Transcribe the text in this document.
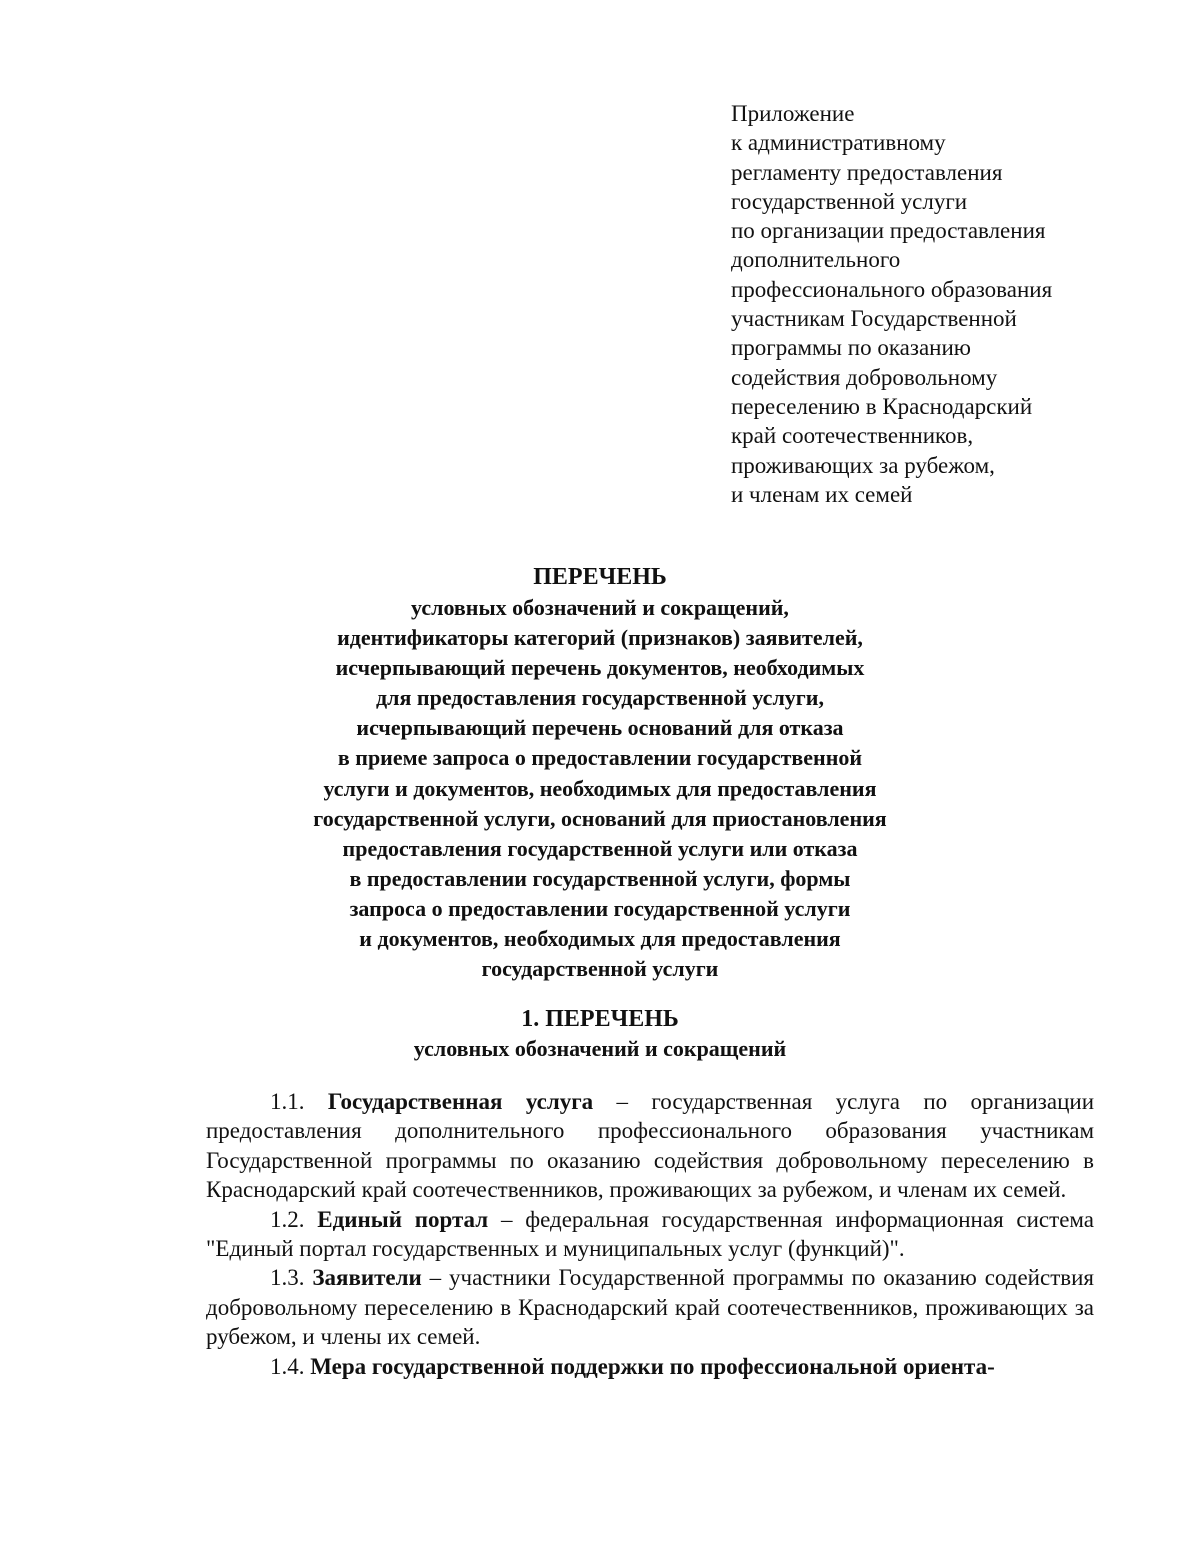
Приложение
к административному
регламенту предоставления
государственной услуги
по организации предоставления
дополнительного
профессионального образования
участникам Государственной
программы по оказанию
содействия добровольному
переселению в Краснодарский
край соотечественников,
проживающих за рубежом,
и членам их семей
ПЕРЕЧЕНЬ
условных обозначений и сокращений,
идентификаторы категорий (признаков) заявителей,
исчерпывающий перечень документов, необходимых
для предоставления государственной услуги,
исчерпывающий перечень оснований для отказа
в приеме запроса о предоставлении государственной
услуги и документов, необходимых для предоставления
государственной услуги, оснований для приостановления
предоставления государственной услуги или отказа
в предоставлении государственной услуги, формы
запроса о предоставлении государственной услуги
и документов, необходимых для предоставления
государственной услуги
1. ПЕРЕЧЕНЬ
условных обозначений и сокращений

1.1. Государственная услуга – государственная услуга по организации предоставления дополнительного профессионального образования участникам Государственной программы по оказанию содействия добровольному переселению в Краснодарский край соотечественников, проживающих за рубежом, и членам их семей.

1.2. Единый портал – федеральная государственная информационная система "Единый портал государственных и муниципальных услуг (функций)".

1.3. Заявители – участники Государственной программы по оказанию содействия добровольному переселению в Краснодарский край соотечественников, проживающих за рубежом, и члены их семей.

1.4. Мера государственной поддержки по профессиональной ориента-
